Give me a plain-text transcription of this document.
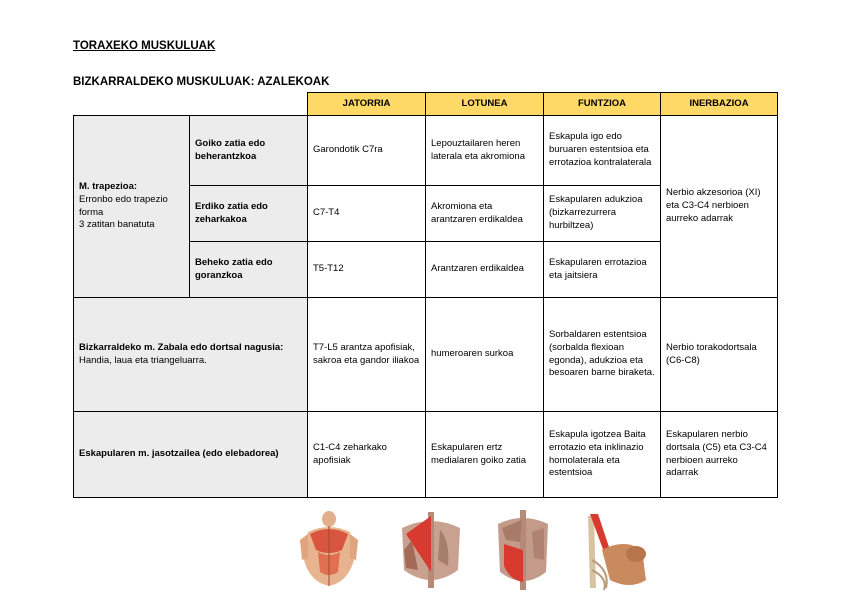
TORAXEKO MUSKULUAK
BIZKARRALDEKO MUSKULUAK: AZALEKOAK
		JATORRIA	LOTUNEA	FUNTZIOA	INERBAZIOA

M. trapezioa:
Erronbo edo trapezio forma
3 zatitan banatuta	Goiko zatia edo beherantzkoa	Garondotik C7ra	Lepouztailaren heren laterala eta akromiona	Eskapula igo edo buruaren estentsioa eta errotazioa kontralaterala	Nerbio akzesorioa (XI) eta C3-C4 nerbioen aurreko adarrak
	Erdiko zatia edo zeharkakoa	C7-T4	Akromiona eta arantzaren erdikaldea	Eskapularen adukzioa (bizkarrezurrera hurbiltzea)	
	Beheko zatia edo goranzkoa	T5-T12	Arantzaren erdikaldea	Eskapularen errotazioa eta jaitsiera	

Bizkarraldeko m. Zabala edo dortsal nagusia:
Handia, laua eta triangeluarra.		T7-L5 arantza apofisiak, sakroa eta gandor iliakoa	humeroaren surkoa	Sorbaldaren estentsioa (sorbalda flexioan egonda), adukzioa eta besoaren barne biraketa.	Nerbio torakodortsala (C6-C8)

Eskapularen m. jasotzailea (edo elebadorea)		C1-C4 zeharkako apofisiak	Eskapularen ertz medialaren goiko zatia	Eskapula igotzea Baita errotazio eta inklinazio homolaterala eta estentsioa	Eskapularen nerbio dortsala (C5) eta C3-C4 nerbioen aurreko adarrak
